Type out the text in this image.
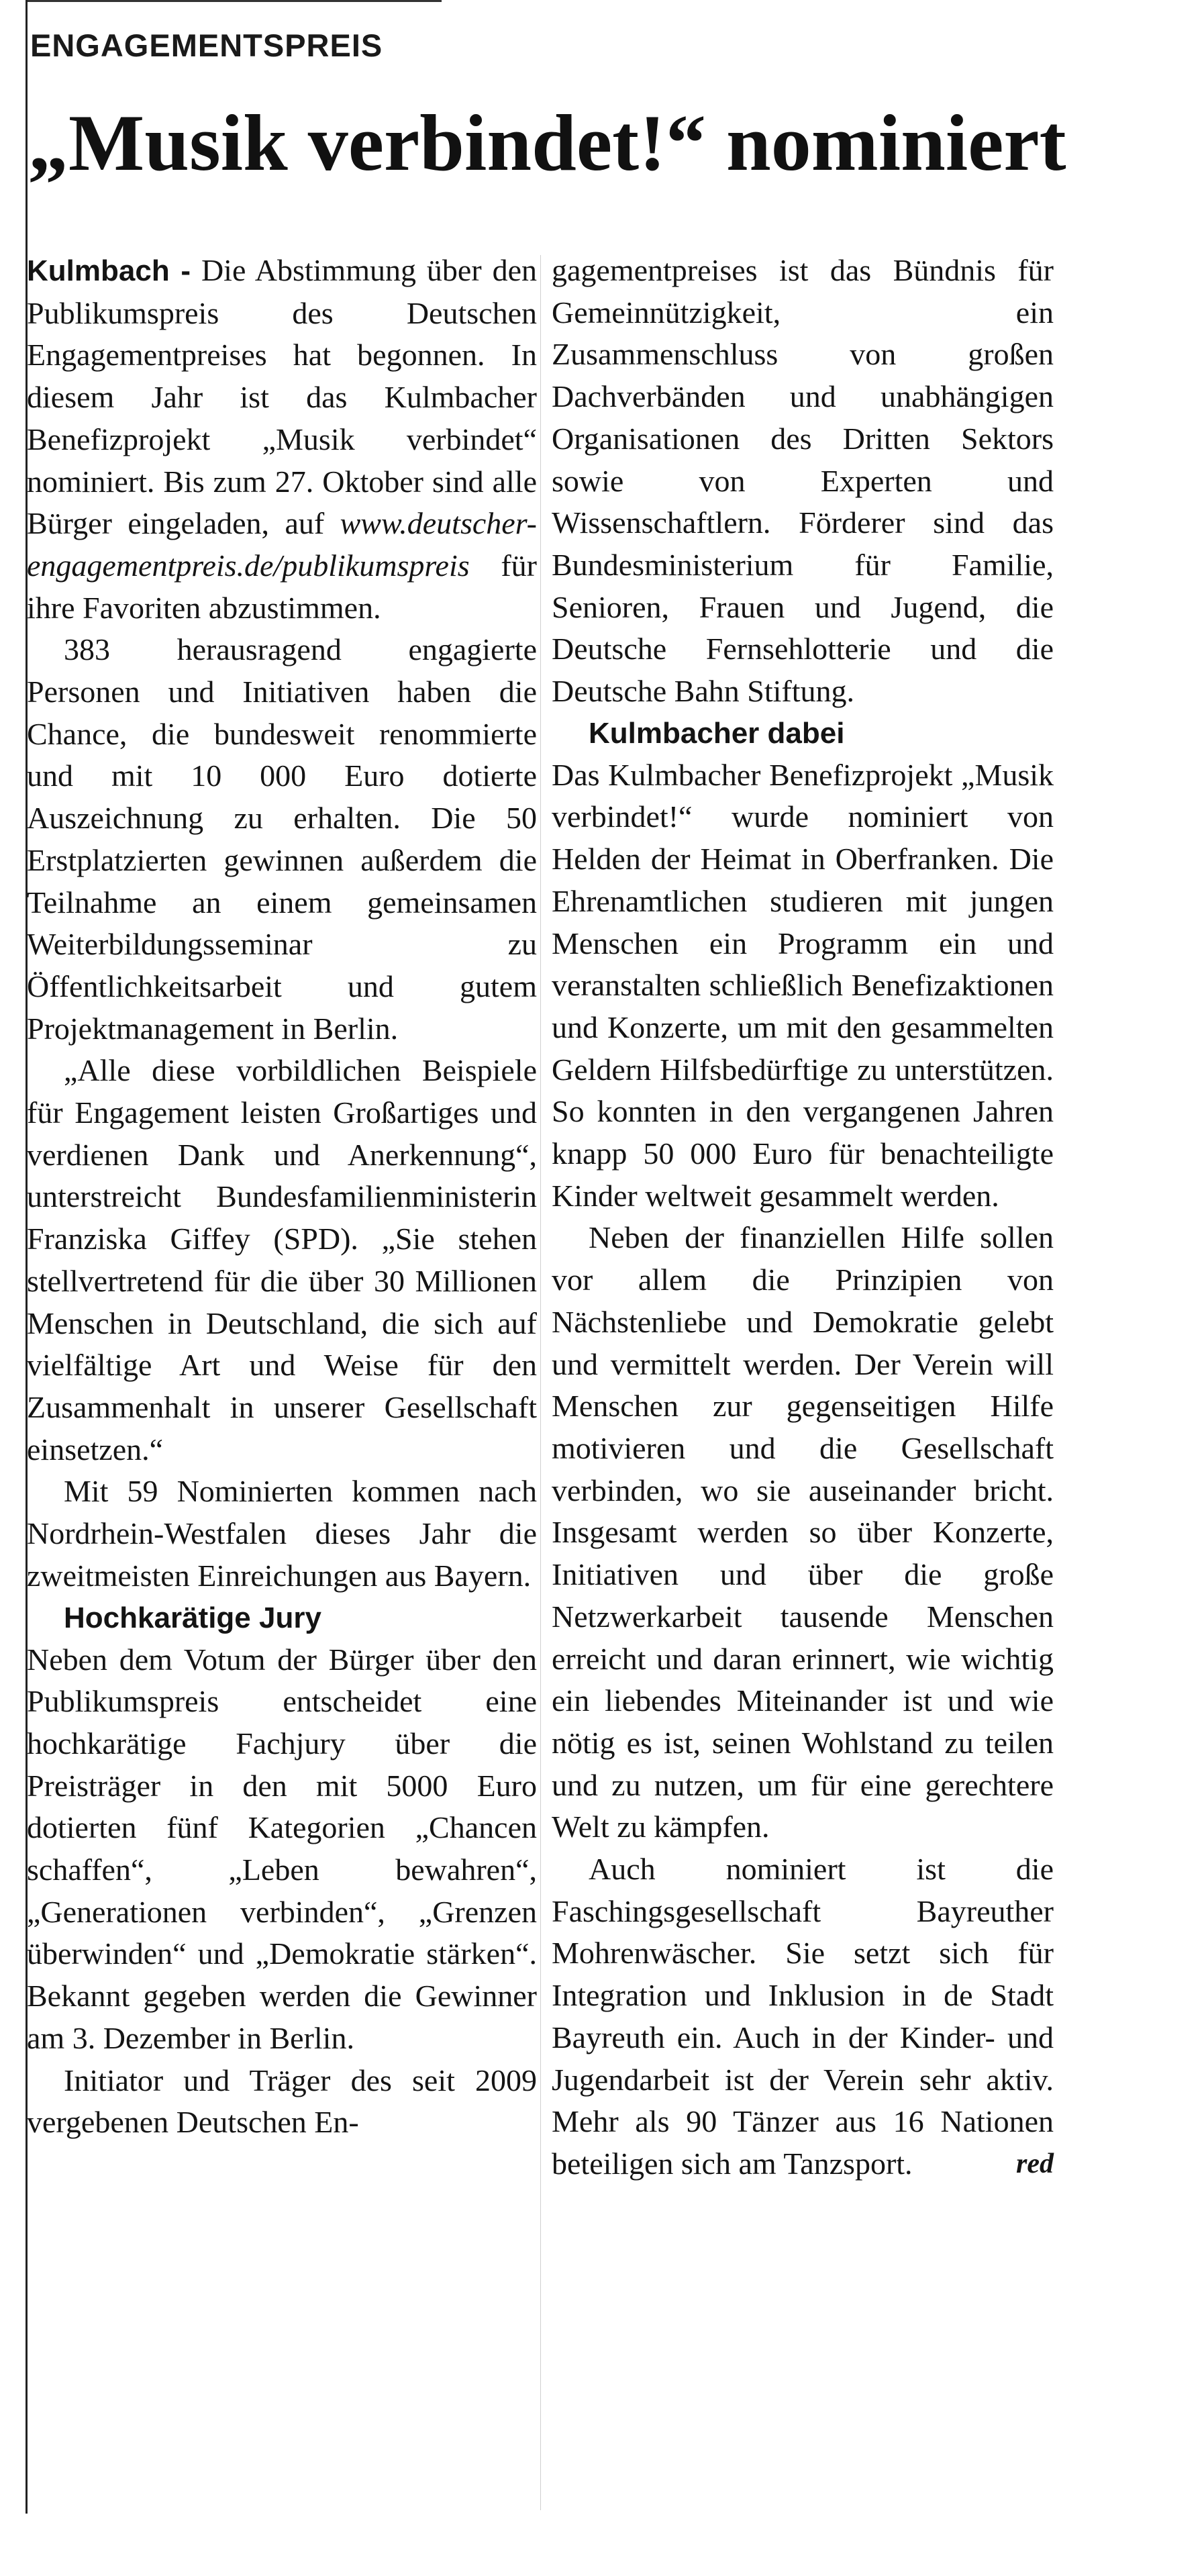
ENGAGEMENTSPREIS
„Musik verbindet!“ nominiert

Kulmbach - Die Abstimmung über den Publikumspreis des Deutschen Engagementpreises hat begonnen. In diesem Jahr ist das Kulmbacher Benefizprojekt „Musik verbindet“ nominiert. Bis zum 27. Oktober sind alle Bürger eingeladen, auf www.deutscher-engagementpreis.de/publikumspreis für ihre Favoriten abzustimmen.

383 herausragend engagierte Personen und Initiativen haben die Chance, die bundesweit renommierte und mit 10 000 Euro dotierte Auszeichnung zu erhalten. Die 50 Erstplatzierten gewinnen außerdem die Teilnahme an einem gemeinsamen Weiterbildungsseminar zu Öffentlichkeitsarbeit und gutem Projektmanagement in Berlin.

„Alle diese vorbildlichen Beispiele für Engagement leisten Großartiges und verdienen Dank und Anerkennung“, unterstreicht Bundesfamilienministerin Franziska Giffey (SPD). „Sie stehen stellvertretend für die über 30 Millionen Menschen in Deutschland, die sich auf vielfältige Art und Weise für den Zusammenhalt in unserer Gesellschaft einsetzen.“

Mit 59 Nominierten kommen nach Nordrhein-Westfalen dieses Jahr die zweitmeisten Einreichungen aus Bayern.

Hochkarätige Jury

Neben dem Votum der Bürger über den Publikumspreis entscheidet eine hochkarätige Fachjury über die Preisträger in den mit 5000 Euro dotierten fünf Kategorien „Chancen schaffen“, „Leben bewahren“, „Generationen verbinden“, „Grenzen überwinden“ und „Demokratie stärken“. Bekannt gegeben werden die Gewinner am 3. Dezember in Berlin.

Initiator und Träger des seit 2009 vergebenen Deutschen En-

gagementpreises ist das Bündnis für Gemeinnützigkeit, ein Zusammenschluss von großen Dachverbänden und unabhängigen Organisationen des Dritten Sektors sowie von Experten und Wissenschaftlern. Förderer sind das Bundesministerium für Familie, Senioren, Frauen und Jugend, die Deutsche Fernsehlotterie und die Deutsche Bahn Stiftung.

Kulmbacher dabei

Das Kulmbacher Benefizprojekt „Musik verbindet!“ wurde nominiert von Helden der Heimat in Oberfranken. Die Ehrenamtlichen studieren mit jungen Menschen ein Programm ein und veranstalten schließlich Benefizaktionen und Konzerte, um mit den gesammelten Geldern Hilfsbedürftige zu unterstützen. So konnten in den vergangenen Jahren knapp 50 000 Euro für benachteiligte Kinder weltweit gesammelt werden.

Neben der finanziellen Hilfe sollen vor allem die Prinzipien von Nächstenliebe und Demokratie gelebt und vermittelt werden. Der Verein will Menschen zur gegenseitigen Hilfe motivieren und die Gesellschaft verbinden, wo sie auseinander bricht. Insgesamt werden so über Konzerte, Initiativen und über die große Netzwerkarbeit tausende Menschen erreicht und daran erinnert, wie wichtig ein liebendes Miteinander ist und wie nötig es ist, seinen Wohlstand zu teilen und zu nutzen, um für eine gerechtere Welt zu kämpfen.

Auch nominiert ist die Faschingsgesellschaft Bayreuther Mohrenwäscher. Sie setzt sich für Integration und Inklusion in de Stadt Bayreuth ein. Auch in der Kinder- und Jugendarbeit ist der Verein sehr aktiv. Mehr als 90 Tänzer aus 16 Nationen beteiligen sich am Tanzsport.	red
